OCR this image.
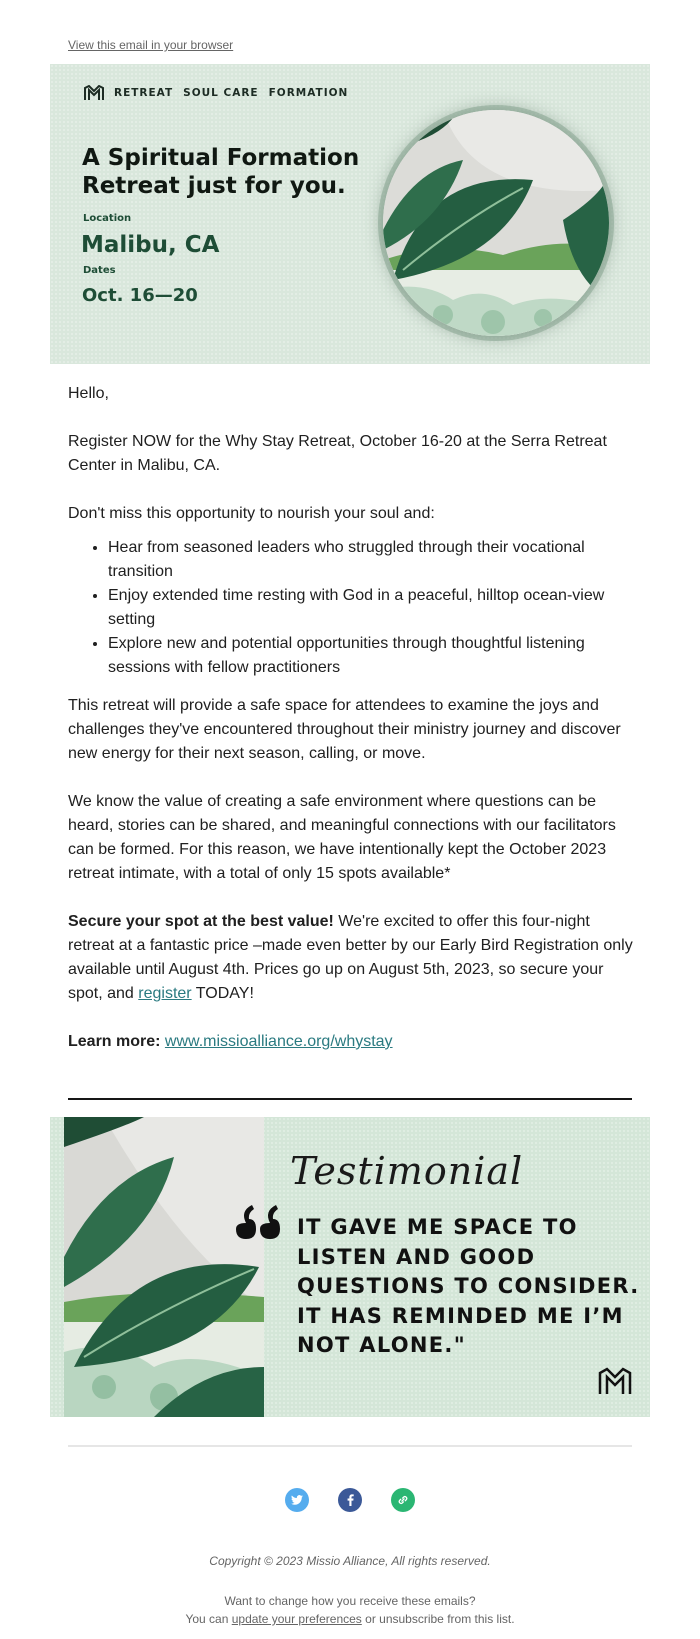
View this email in your browser
RETREAT SOUL CARE FORMATION
A Spiritual Formation
Retreat just for you.
Location
Malibu, CA
Dates
Oct. 16—20

Hello,

Register NOW for the Why Stay Retreat, October 16-20 at the Serra Retreat Center in Malibu, CA.

Don't miss this opportunity to nourish your soul and:

• Hear from seasoned leaders who struggled through their vocational transition
• Enjoy extended time resting with God in a peaceful, hilltop ocean-view setting
• Explore new and potential opportunities through thoughtful listening sessions with fellow practitioners

This retreat will provide a safe space for attendees to examine the joys and challenges they've encountered throughout their ministry journey and discover new energy for their next season, calling, or move.

We know the value of creating a safe environment where questions can be heard, stories can be shared, and meaningful connections with our facilitators can be formed. For this reason, we have intentionally kept the October 2023 retreat intimate, with a total of only 15 spots available*

Secure your spot at the best value! We're excited to offer this four-night retreat at a fantastic price –made even better by our Early Bird Registration only available until August 4th. Prices go up on August 5th, 2023, so secure your spot, and register TODAY!

Learn more: www.missioalliance.org/whystay

Testimonial
IT GAVE ME SPACE TO LISTEN AND GOOD QUESTIONS TO CONSIDER. IT HAS REMINDED ME I’M NOT ALONE."
Copyright © 2023 Missio Alliance, All rights reserved.
Want to change how you receive these emails?
You can update your preferences or unsubscribe from this list.
